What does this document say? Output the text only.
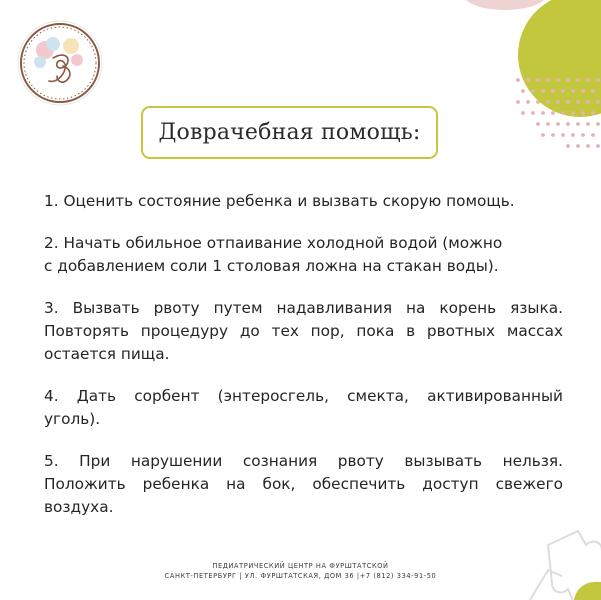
Доврачебная помощь:

1. Оценить состояние ребенка и вызвать скорую помощь.

2. Начать обильное отпаивание холодной водой (можно
с добавлением соли 1 столовая ложна на стакан воды).

3. Вызвать рвоту путем надавливания на корень языка.
Повторять процедуру до тех пор, пока в рвотных массах
остается пища.

4. Дать сорбент (энтеросгель, смекта, активированный
уголь).

5. При нарушении сознания рвоту вызывать нельзя.
Положить ребенка на бок, обеспечить доступ свежего
воздуха.

ПЕДИАТРИЧЕСКИЙ ЦЕНТР НА ФУРШТАТСКОЙ
САНКТ-ПЕТЕРБУРГ | УЛ. ФУРШТАТСКАЯ, ДОМ 36 |+7 (812) 334-91-50
